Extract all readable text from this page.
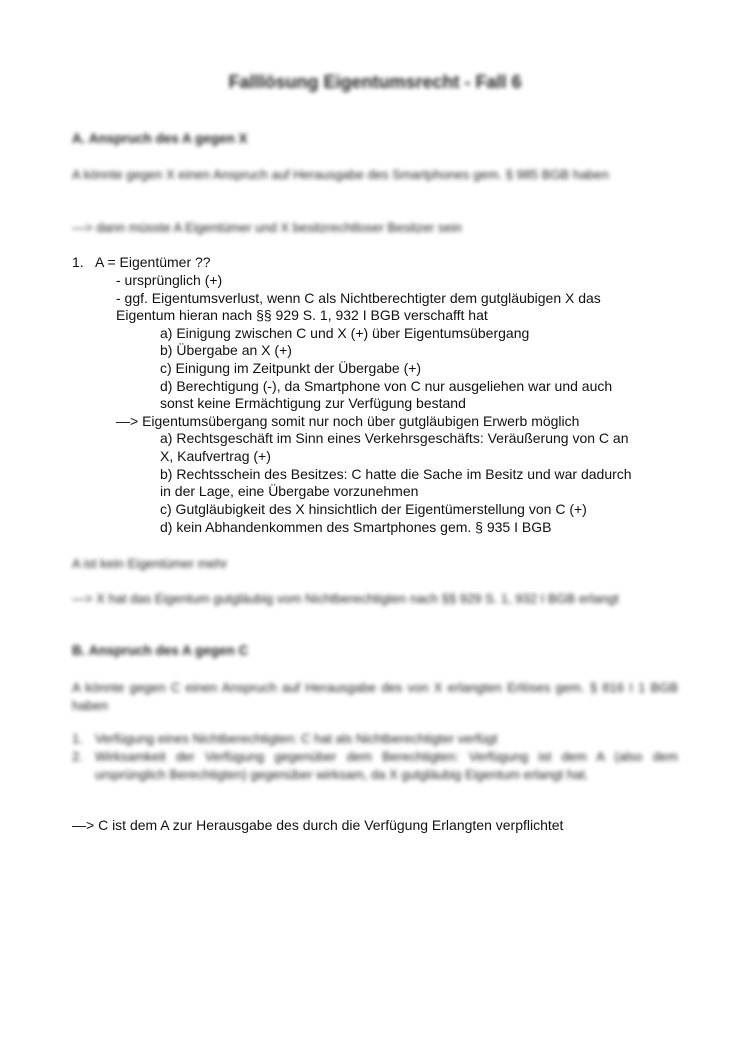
Falllösung Eigentumsrecht - Fall 6
A. Anspruch des A gegen X
A könnte gegen X einen Anspruch auf Herausgabe des Smartphones gem. § 985 BGB haben
—> dann müsste A Eigentümer und X besitzrechtloser Besitzer sein
1. A = Eigentümer ??
- ursprünglich (+)
- ggf. Eigentumsverlust, wenn C als Nichtberechtigter dem gutgläubigen X das
Eigentum hieran nach §§ 929 S. 1, 932 I BGB verschafft hat
a) Einigung zwischen C und X (+) über Eigentumsübergang
b) Übergabe an X (+)
c) Einigung im Zeitpunkt der Übergabe (+)
d) Berechtigung (-), da Smartphone von C nur ausgeliehen war und auch
sonst keine Ermächtigung zur Verfügung bestand
—> Eigentumsübergang somit nur noch über gutgläubigen Erwerb möglich
a) Rechtsgeschäft im Sinn eines Verkehrsgeschäfts: Veräußerung von C an
X, Kaufvertrag (+)
b) Rechtsschein des Besitzes: C hatte die Sache im Besitz und war dadurch
in der Lage, eine Übergabe vorzunehmen
c) Gutgläubigkeit des X hinsichtlich der Eigentümerstellung von C (+)
d) kein Abhandenkommen des Smartphones gem. § 935 I BGB
A ist kein Eigentümer mehr
—> X hat das Eigentum gutgläubig vom Nichtberechtigten nach §§ 929 S. 1, 932 I BGB erlangt
B. Anspruch des A gegen C
A könnte gegen C einen Anspruch auf Herausgabe des von X erlangten Erlöses gem. § 816 I 1 BGB haben
1. Verfügung eines Nichtberechtigten: C hat als Nichtberechtigter verfügt
2. Wirksamkeit der Verfügung gegenüber dem Berechtigten: Verfügung ist dem A (also dem ursprünglich Berechtigten) gegenüber wirksam, da X gutgläubig Eigentum erlangt hat.
—> C ist dem A zur Herausgabe des durch die Verfügung Erlangten verpflichtet
